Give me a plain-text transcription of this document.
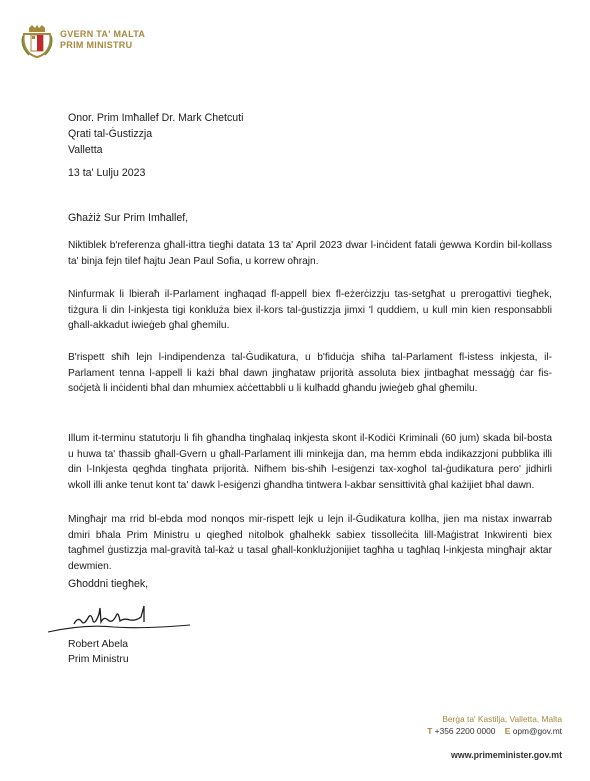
GVERN TA' MALTA
PRIM MINISTRU
Onor. Prim Imħallef Dr. Mark Chetcuti
Qrati tal-Ġustizzja
Valletta
13 ta' Lulju 2023
Għażiż Sur Prim Imħallef,
Niktiblek b'referenza għall-ittra tiegħi datata 13 ta' April 2023 dwar l-inċident fatali ġewwa Kordin bil-kollass ta' binja fejn tilef ħajtu Jean Paul Sofia, u korrew oħrajn.
Ninfurmak li lbieraħ il-Parlament ingħaqad fl-appell biex fl-eżerċizzju tas-setgħat u prerogattivi tiegħek, tiżgura li din l-inkjesta tigi konkluża biex il-kors tal-ġustizzja jimxi 'l quddiem, u kull min kien responsabbli għall-akkadut iwieġeb għal għemilu.
B'rispett sħiħ lejn l-indipendenza tal-Ġudikatura, u b'fiduċja sħiħa tal-Parlament fl-istess inkjesta, il-Parlament tenna l-appell li każi bħal dawn jingħataw prijorità assoluta biex jintbagħat messaġġ ċar fis-soċjetà li inċidenti bħal dan mhumiex aċċettabbli u li kulħadd għandu jwieġeb għal għemilu.
Illum it-terminu statutorju li fih għandha tingħalaq inkjesta skont il-Kodiċi Kriminali (60 jum) skada bil-bosta u huwa ta' tħassib għall-Gvern u għall-Parlament illi minkejja dan, ma hemm ebda indikazzjoni pubblika illi din l-Inkjesta qegħda tingħata prijorità. Nifhem bis-sħiħ l-esiġenzi tax-xogħol tal-ġudikatura pero' jidhirli wkoll illi anke tenut kont ta' dawk l-esiġenzi għandha tintwera l-akbar sensittività għal każijiet bħal dawn.
Mingħajr ma rrid bl-ebda mod nonqos mir-rispett lejk u lejn il-Ġudikatura kollha, jien ma nistax inwarrab dmiri bħala Prim Ministru u qiegħed nitolbok għalhekk sabiex tissolleċita lill-Maġistrat Inkwirenti biex tagħmel ġustizzja mal-gravità tal-każ u tasal għall-konklużjonijiet tagħha u tagħlaq l-inkjesta mingħajr aktar dewmien.
Għoddni tiegħek,
Robert Abela
Prim Ministru
Berġa ta' Kastilja, Valletta, Malta
T +356 2200 0000 E opm@gov.mt
www.primeminister.gov.mt
